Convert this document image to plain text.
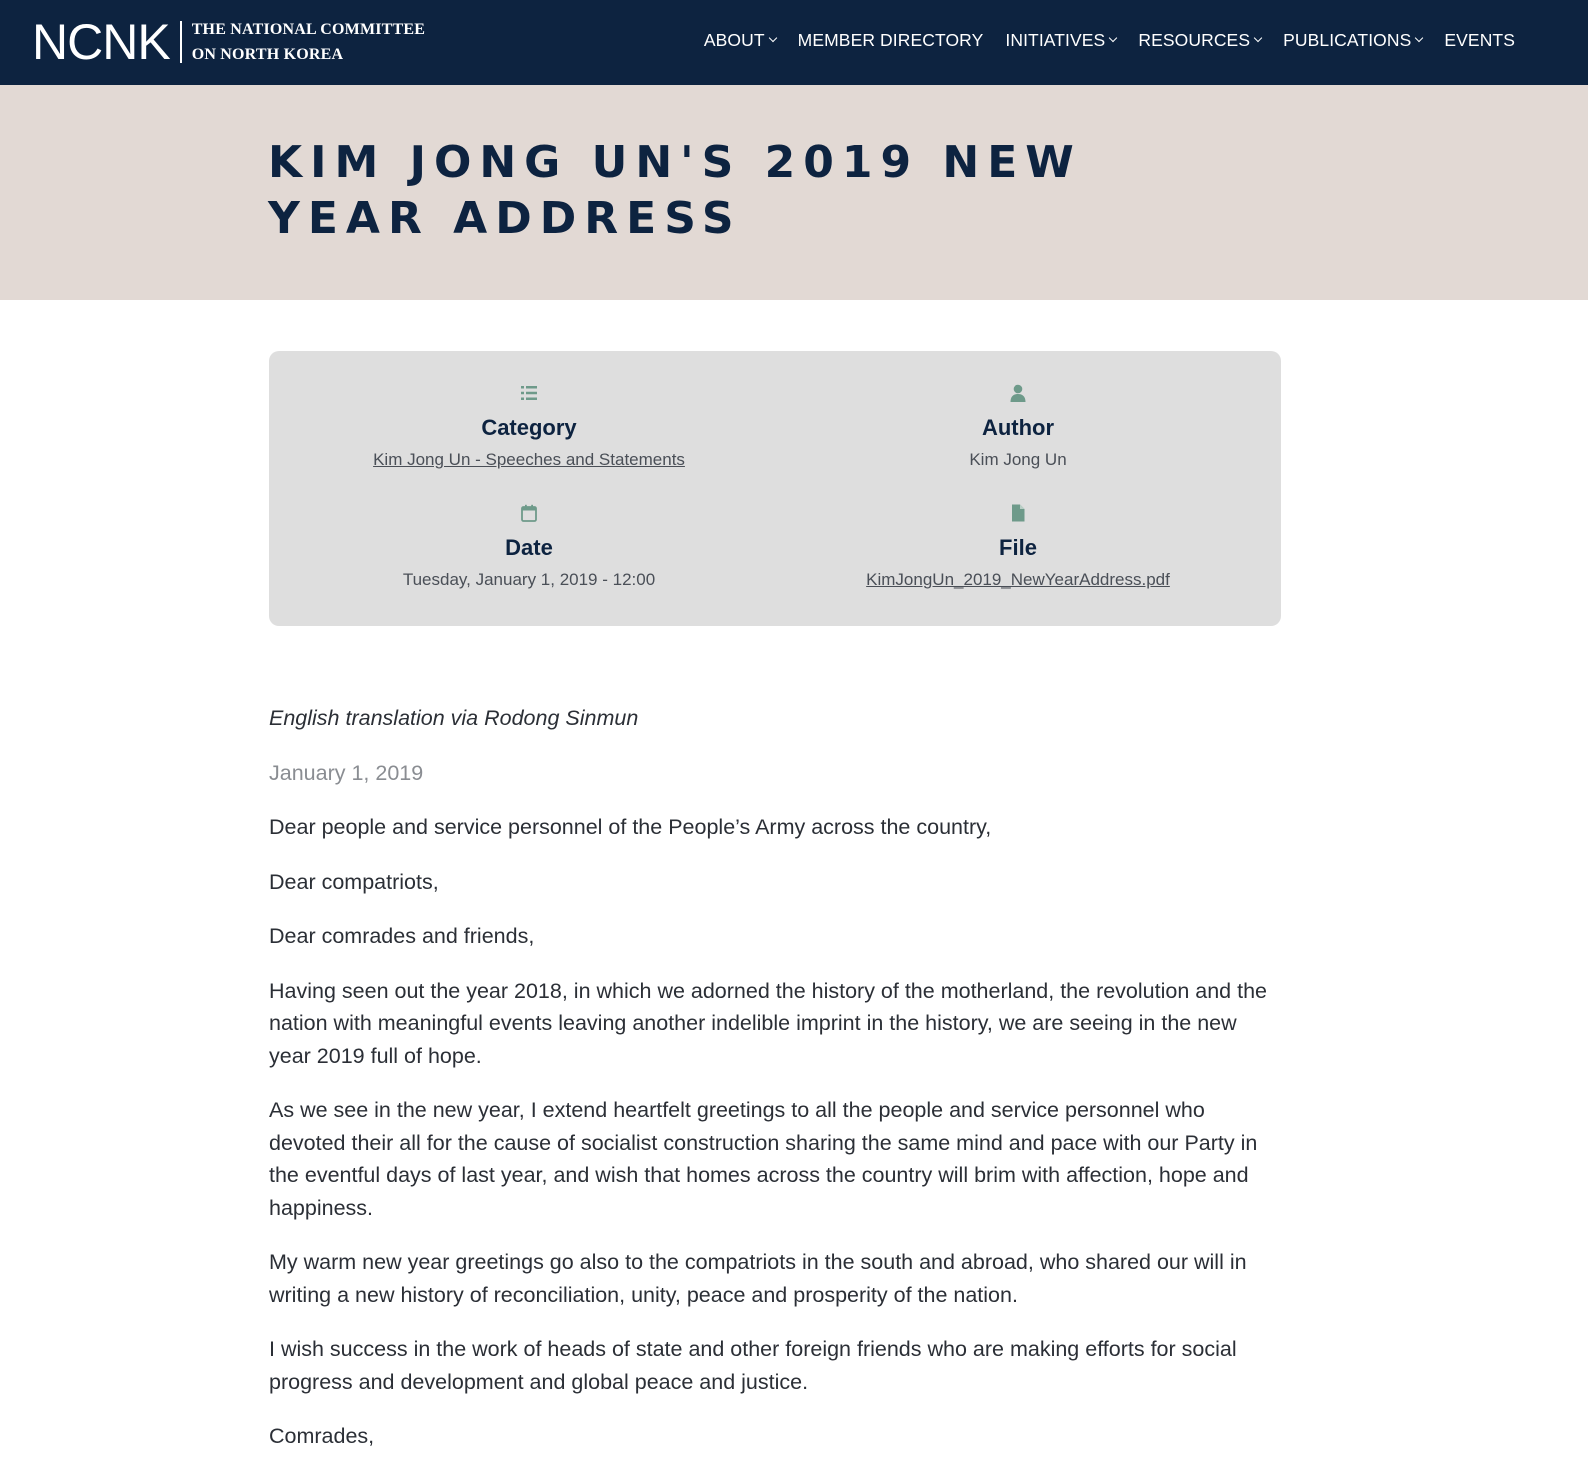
NCNK THE NATIONAL COMMITTEE
ON NORTH KOREA
ABOUT MEMBER DIRECTORY INITIATIVES RESOURCES PUBLICATIONS EVENTS
KIM JONG UN'S 2019 NEW YEAR ADDRESS
Category
Kim Jong Un - Speeches and Statements
Author
Kim Jong Un
Date
Tuesday, January 1, 2019 - 12:00
File
KimJongUn_2019_NewYearAddress.pdf

English translation via Rodong Sinmun

January 1, 2019

Dear people and service personnel of the People’s Army across the country,

Dear compatriots,

Dear comrades and friends,

Having seen out the year 2018, in which we adorned the history of the motherland, the revolution and the nation with meaningful events leaving another indelible imprint in the history, we are seeing in the new year 2019 full of hope.

As we see in the new year, I extend heartfelt greetings to all the people and service personnel who devoted their all for the cause of socialist construction sharing the same mind and pace with our Party in the eventful days of last year, and wish that homes across the country will brim with affection, hope and happiness.

My warm new year greetings go also to the compatriots in the south and abroad, who shared our will in writing a new history of reconciliation, unity, peace and prosperity of the nation.

I wish success in the work of heads of state and other foreign friends who are making efforts for social progress and development and global peace and justice.

Comrades,
